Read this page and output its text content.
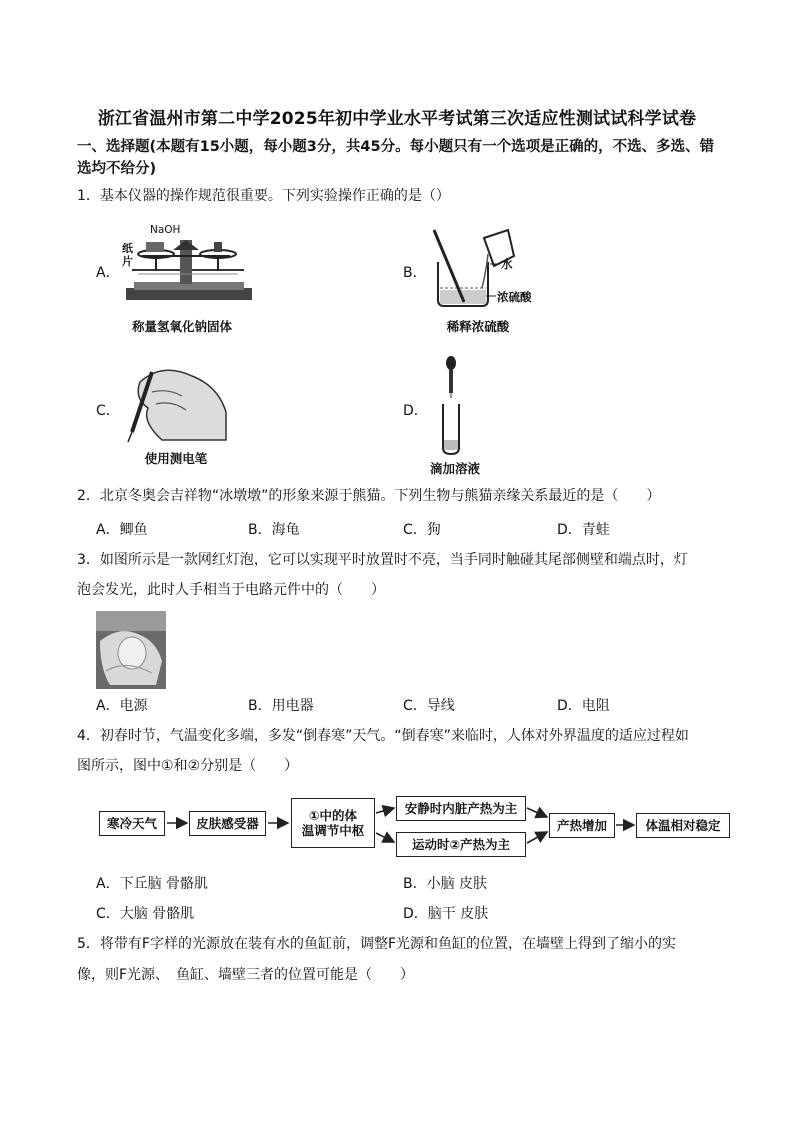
浙江省温州市第二中学2025年初中学业水平考试第三次适应性测试试科学试卷
一、选择题(本题有15小题，每小题3分，共45分。每小题只有一个选项是正确的，不选、多选、错选均不给分)
1．基本仪器的操作规范很重要。下列实验操作正确的是（）
A．
NaOH
纸
片
称量氢氧化钠固体
B．
水
浓硫酸
稀释浓硫酸
C．
使用测电笔
D．
滴加溶液
2．北京冬奥会吉祥物“冰墩墩”的形象来源于熊猫。下列生物与熊猫亲缘关系最近的是（　　）
A．鲫鱼	B．海龟	C．狗	D．青蛙
3．如图所示是一款网红灯泡，它可以实现平时放置时不亮，当手同时触碰其尾部侧壁和端点时，灯
泡会发光，此时人手相当于电路元件中的（　　）
A．电源	B．用电器	C．导线	D．电阻
4．初春时节，气温变化多端，多发“倒春寒”天气。“倒春寒”来临时，人体对外界温度的适应过程如
图所示，图中①和②分别是（　　）
寒冷天气	皮肤感受器
①中的体
温调节中枢
安静时内脏产热为主
运动时②产热为主
产热增加	体温相对稳定
A．下丘脑 骨骼肌	B．小脑 皮肤
C．大脑 骨骼肌	D．脑干 皮肤
5．将带有F字样的光源放在装有水的鱼缸前，调整F光源和鱼缸的位置，在墙壁上得到了缩小的实
像，则F光源、　鱼缸、墙壁三者的位置可能是（　　）
